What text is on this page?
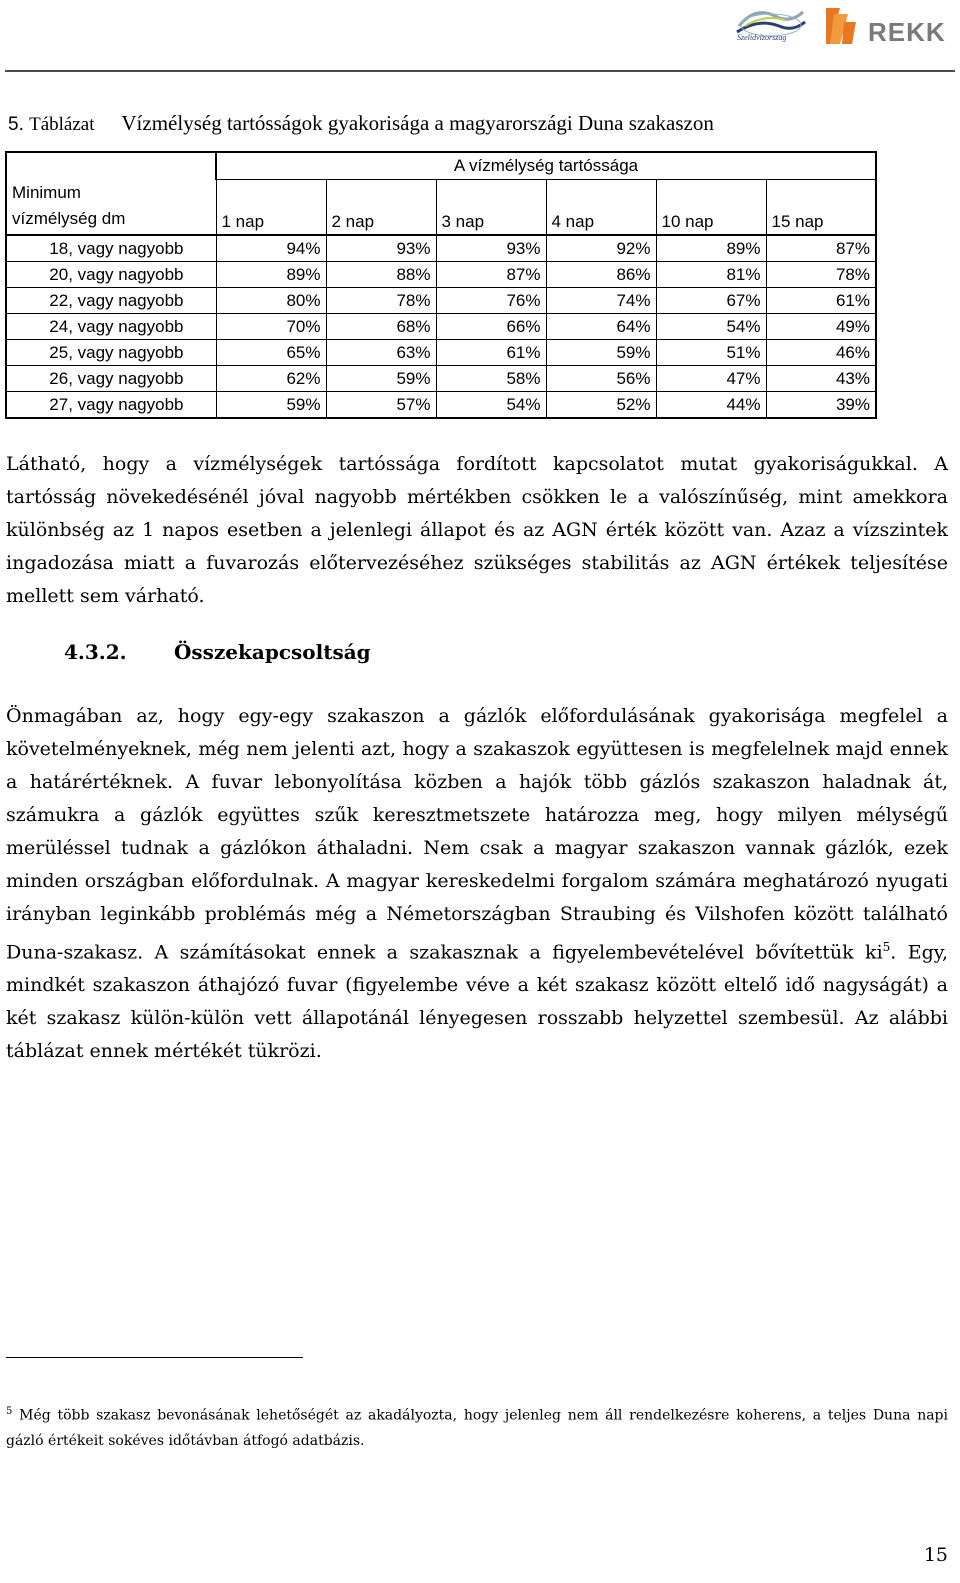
Szelidvízorszag	REKK
5. Táblázat Vízmélység tartósságok gyakorisága a magyarországi Duna szakaszon
	A vízmélység tartóssága					
Minimum
vízmélység dm	1 nap	2 nap	3 nap	4 nap	10 nap	15 nap
18, vagy nagyobb	94%	93%	93%	92%	89%	87%
20, vagy nagyobb	89%	88%	87%	86%	81%	78%
22, vagy nagyobb	80%	78%	76%	74%	67%	61%
24, vagy nagyobb	70%	68%	66%	64%	54%	49%
25, vagy nagyobb	65%	63%	61%	59%	51%	46%
26, vagy nagyobb	62%	59%	58%	56%	47%	43%
27, vagy nagyobb	59%	57%	54%	52%	44%	39%

Látható, hogy a vízmélységek tartóssága fordított kapcsolatot mutat gyakoriságukkal. A tartósság növekedésénél jóval nagyobb mértékben csökken le a valószínűség, mint amekkora különbség az 1 napos esetben a jelenlegi állapot és az AGN érték között van. Azaz a vízszintek ingadozása miatt a fuvarozás előtervezéséhez szükséges stabilitás az AGN értékek teljesítése mellett sem várható.

4.3.2. Összekapcsoltság

Önmagában az, hogy egy-egy szakaszon a gázlók előfordulásának gyakorisága megfelel a követelményeknek, még nem jelenti azt, hogy a szakaszok együttesen is megfelelnek majd ennek a határértéknek. A fuvar lebonyolítása közben a hajók több gázlós szakaszon haladnak át, számukra a gázlók együttes szűk keresztmetszete határozza meg, hogy milyen mélységű merüléssel tudnak a gázlókon áthaladni. Nem csak a magyar szakaszon vannak gázlók, ezek minden országban előfordulnak. A magyar kereskedelmi forgalom számára meghatározó nyugati irányban leginkább problémás még a Németországban Straubing és Vilshofen között található Duna-szakasz. A számításokat ennek a szakasznak a figyelembevételével bővítettük $ki^5$. Egy, mindkét szakaszon áthajózó fuvar (figyelembe véve a két szakasz között eltelő idő nagyságát) a két szakasz külön-külön vett állapotánál lényegesen rosszabb helyzettel szembesül. Az alábbi táblázat ennek mértékét tükrözi.

$^5$ Még több szakasz bevonásának lehetőségét az akadályozta, hogy jelenleg nem áll rendelkezésre koherens, a teljes Duna napi gázló értékeit sokéves időtávban átfogó adatbázis.
15
